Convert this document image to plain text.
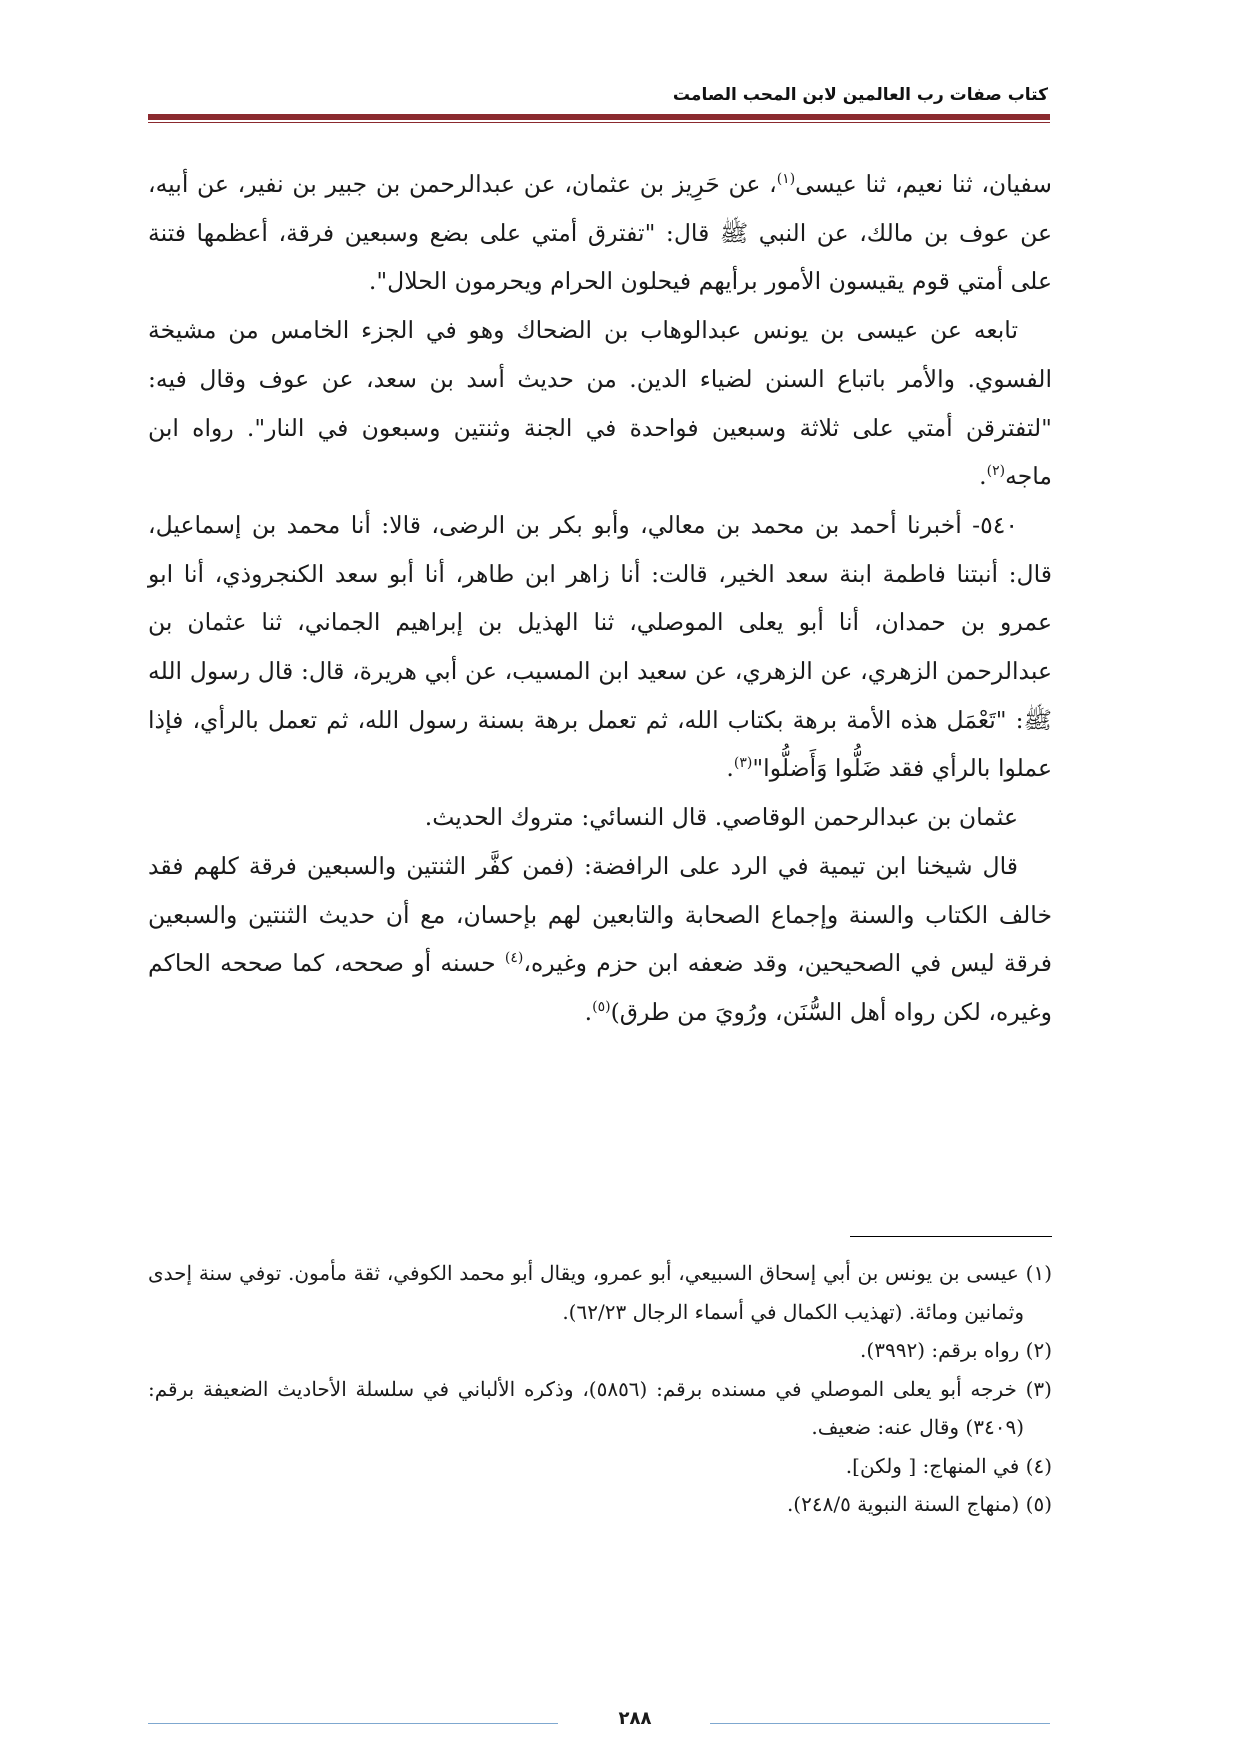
كتاب صفات رب العالمين لابن المحب الصامت

سفيان، ثنا نعيم، ثنا عيسى$^{(١)}$، عن حَرِيز بن عثمان، عن عبدالرحمن بن جبير بن نفير، عن أبيه، عن عوف بن مالك، عن النبي ﷺ قال: "تفترق أمتي على بضع وسبعين فرقة، أعظمها فتنة على أمتي قوم يقيسون الأمور برأيهم فيحلون الحرام ويحرمون الحلال".

تابعه عن عيسى بن يونس عبدالوهاب بن الضحاك وهو في الجزء الخامس من مشيخة الفسوي. والأمر باتباع السنن لضياء الدين. من حديث أسد بن سعد، عن عوف وقال فيه: "لتفترقن أمتي على ثلاثة وسبعين فواحدة في الجنة وثنتين وسبعون في النار". رواه ابن ماجه$^{(٢)}$.

٥٤٠- أخبرنا أحمد بن محمد بن معالي، وأبو بكر بن الرضى، قالا: أنا محمد بن إسماعيل، قال: أنبتنا فاطمة ابنة سعد الخير، قالت: أنا زاهر ابن طاهر، أنا أبو سعد الكنجروذي، أنا ابو عمرو بن حمدان، أنا أبو يعلى الموصلي، ثنا الهذيل بن إبراهيم الجماني، ثنا عثمان بن عبدالرحمن الزهري، عن الزهري، عن سعيد ابن المسيب، عن أبي هريرة، قال: قال رسول الله ﷺ: "تَعْمَل هذه الأمة برهة بكتاب الله، ثم تعمل برهة بسنة رسول الله، ثم تعمل بالرأي، فإذا عملوا بالرأي فقد ضَلُّوا وَأَضلُّوا"$^{(٣)}$.

عثمان بن عبدالرحمن الوقاصي. قال النسائي: متروك الحديث.

قال شيخنا ابن تيمية في الرد على الرافضة: (فمن كفَّر الثنتين والسبعين فرقة كلهم فقد خالف الكتاب والسنة وإجماع الصحابة والتابعين لهم بإحسان، مع أن حديث الثنتين والسبعين فرقة ليس في الصحيحين، وقد ضعفه ابن حزم وغيره،$^{(٤)}$ حسنه أو صححه، كما صححه الحاكم وغيره، لكن رواه أهل السُّنَن، ورُويَ من طرق)$^{(٥)}$.

(١) عيسى بن يونس بن أبي إسحاق السبيعي، أبو عمرو، ويقال أبو محمد الكوفي، ثقة مأمون. توفي سنة إحدى وثمانين ومائة. (تهذيب الكمال في أسماء الرجال ٦٢/٢٣).

(٢) رواه برقم: (٣٩٩٢).

(٣) خرجه أبو يعلى الموصلي في مسنده برقم: (٥٨٥٦)، وذكره الألباني في سلسلة الأحاديث الضعيفة برقم: (٣٤٠٩) وقال عنه: ضعيف.

(٤) في المنهاج: [ ولكن].

(٥) (منهاج السنة النبوية ٢٤٨/٥).

٢٨٨
